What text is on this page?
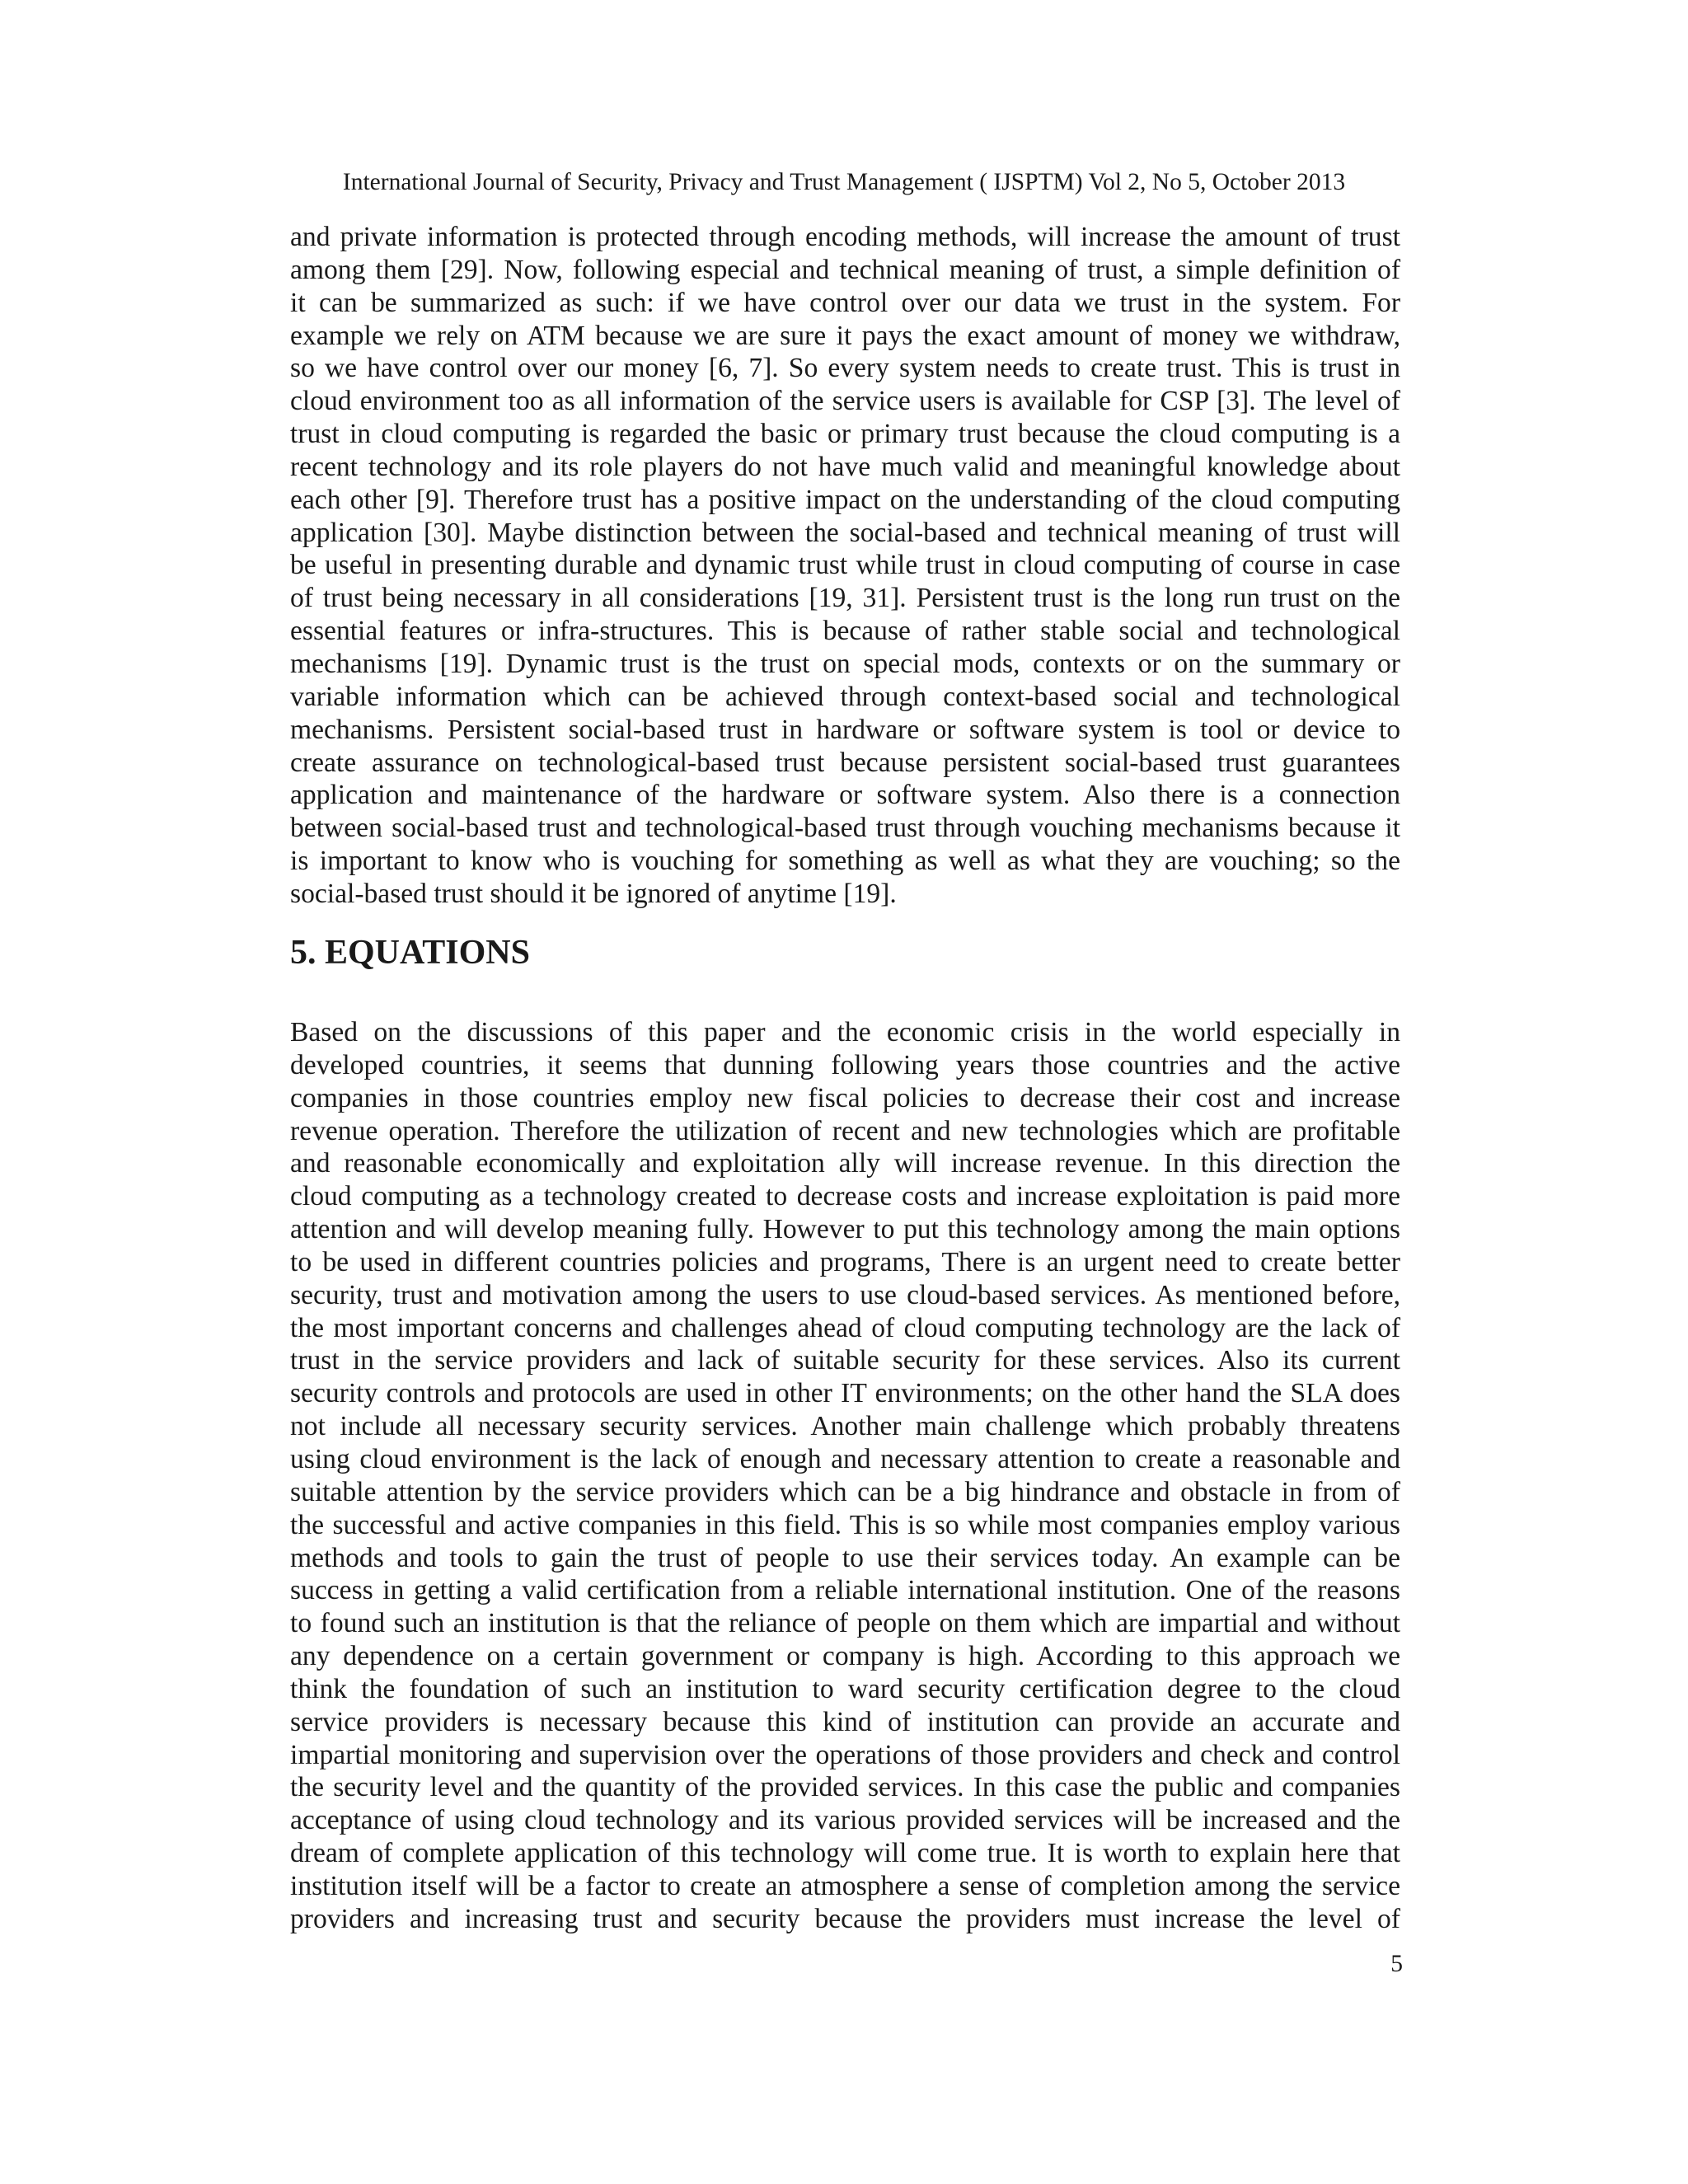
International Journal of Security, Privacy and Trust Management ( IJSPTM) Vol 2, No 5, October 2013
and private information is protected through encoding methods, will increase the amount of trust
among them [29]. Now, following especial and technical meaning of trust, a simple definition of
it can be summarized as such: if we have control over our data we trust in the system. For
example we rely on ATM because we are sure it pays the exact amount of money we withdraw,
so we have control over our money [6, 7]. So every system needs to create trust. This is trust in
cloud environment too as all information of the service users is available for CSP [3]. The level of
trust in cloud computing is regarded the basic or primary trust because the cloud computing is a
recent technology and its role players do not have much valid and meaningful knowledge about
each other [9]. Therefore trust has a positive impact on the understanding of the cloud computing
application [30]. Maybe distinction between the social-based and technical meaning of trust will
be useful in presenting durable and dynamic trust while trust in cloud computing of course in case
of trust being necessary in all considerations [19, 31]. Persistent trust is the long run trust on the
essential features or infra-structures. This is because of rather stable social and technological
mechanisms [19]. Dynamic trust is the trust on special mods, contexts or on the summary or
variable information which can be achieved through context-based social and technological
mechanisms. Persistent social-based trust in hardware or software system is tool or device to
create assurance on technological-based trust because persistent social-based trust guarantees
application and maintenance of the hardware or software system. Also there is a connection
between social-based trust and technological-based trust through vouching mechanisms because it
is important to know who is vouching for something as well as what they are vouching; so the
social-based trust should it be ignored of anytime [19].
5. EQUATIONS
Based on the discussions of this paper and the economic crisis in the world especially in
developed countries, it seems that dunning following years those countries and the active
companies in those countries employ new fiscal policies to decrease their cost and increase
revenue operation. Therefore the utilization of recent and new technologies which are profitable
and reasonable economically and exploitation ally will increase revenue. In this direction the
cloud computing as a technology created to decrease costs and increase exploitation is paid more
attention and will develop meaning fully. However to put this technology among the main options
to be used in different countries policies and programs, There is an urgent need to create better
security, trust and motivation among the users to use cloud-based services. As mentioned before,
the most important concerns and challenges ahead of cloud computing technology are the lack of
trust in the service providers and lack of suitable security for these services. Also its current
security controls and protocols are used in other IT environments; on the other hand the SLA does
not include all necessary security services. Another main challenge which probably threatens
using cloud environment is the lack of enough and necessary attention to create a reasonable and
suitable attention by the service providers which can be a big hindrance and obstacle in from of
the successful and active companies in this field. This is so while most companies employ various
methods and tools to gain the trust of people to use their services today. An example can be
success in getting a valid certification from a reliable international institution. One of the reasons
to found such an institution is that the reliance of people on them which are impartial and without
any dependence on a certain government or company is high. According to this approach we
think the foundation of such an institution to ward security certification degree to the cloud
service providers is necessary because this kind of institution can provide an accurate and
impartial monitoring and supervision over the operations of those providers and check and control
the security level and the quantity of the provided services. In this case the public and companies
acceptance of using cloud technology and its various provided services will be increased and the
dream of complete application of this technology will come true. It is worth to explain here that
institution itself will be a factor to create an atmosphere a sense of completion among the service
providers and increasing trust and security because the providers must increase the level of
5
